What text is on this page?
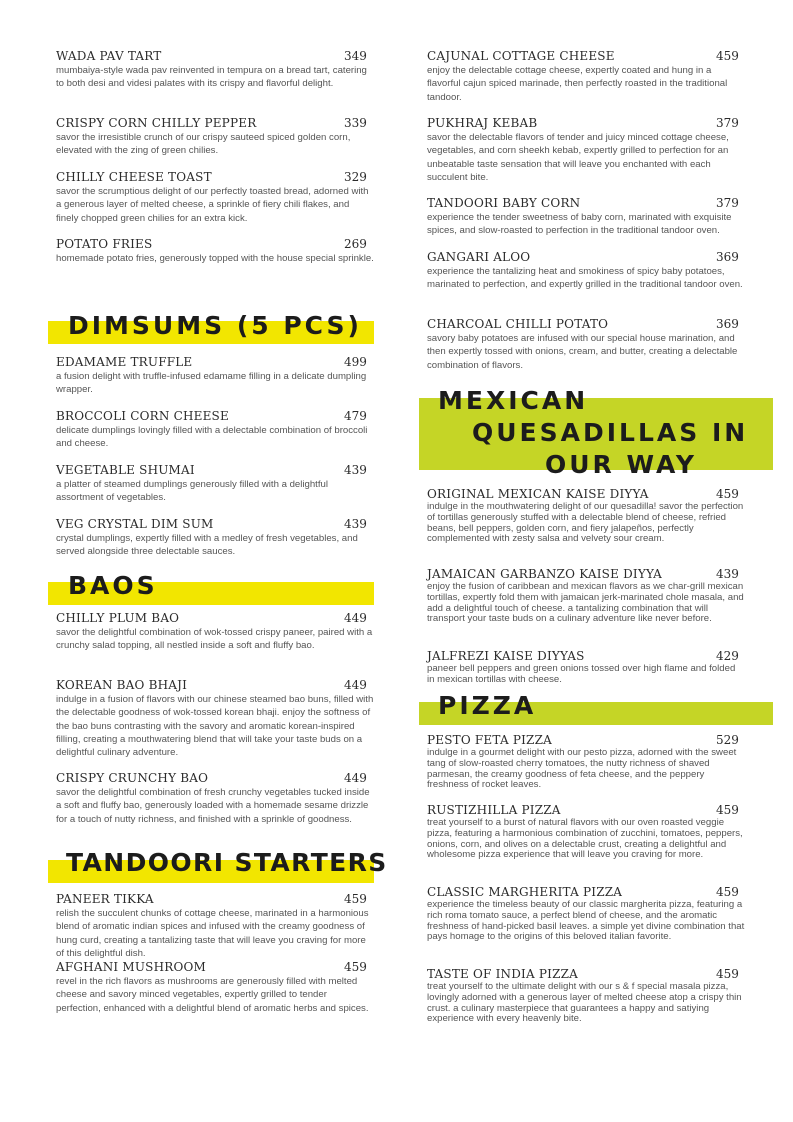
WADA PAV TART	349
mumbaiya-style wada pav reinvented in tempura on a bread tart, catering to both desi and videsi palates with its crispy and flavorful delight.
CRISPY CORN CHILLY PEPPER	339
savor the irresistible crunch of our crispy sauteed spiced golden corn, elevated with the zing of green chilies.
CHILLY CHEESE TOAST	329
savor the scrumptious delight of our perfectly toasted bread, adorned with a generous layer of melted cheese, a sprinkle of fiery chili flakes, and finely chopped green chilies for an extra kick.
POTATO FRIES	269
homemade potato fries, generously topped with the house special sprinkle.
DIMSUMS (5 PCS)
EDAMAME TRUFFLE	499
a fusion delight with truffle-infused edamame filling in a delicate dumpling wrapper.
BROCCOLI CORN CHEESE	479
delicate dumplings lovingly filled with a delectable combination of broccoli and cheese.
VEGETABLE SHUMAI	439
a platter of steamed dumplings generously filled with a delightful assortment of vegetables.
VEG CRYSTAL DIM SUM	439
crystal dumplings, expertly filled with a medley of fresh vegetables, and served alongside three delectable sauces.
BAOS
CHILLY PLUM BAO	449
savor the delightful combination of wok-tossed crispy paneer, paired with a crunchy salad topping, all nestled inside a soft and fluffy bao.
KOREAN BAO BHAJI	449
indulge in a fusion of flavors with our chinese steamed bao buns, filled with the delectable goodness of wok-tossed korean bhaji. enjoy the softness of the bao buns contrasting with the savory and aromatic korean-inspired filling, creating a mouthwatering blend that will take your taste buds on a delightful culinary adventure.
CRISPY CRUNCHY BAO	449
savor the delightful combination of fresh crunchy vegetables tucked inside a soft and fluffy bao, generously loaded with a homemade sesame drizzle for a touch of nutty richness, and finished with a sprinkle of goodness.
TANDOORI STARTERS
PANEER TIKKA	459
relish the succulent chunks of cottage cheese, marinated in a harmonious blend of aromatic indian spices and infused with the creamy goodness of hung curd, creating a tantalizing taste that will leave you craving for more of this delightful dish.
AFGHANI MUSHROOM	459
revel in the rich flavors as mushrooms are generously filled with melted cheese and savory minced vegetables, expertly grilled to tender perfection, enhanced with a delightful blend of aromatic herbs and spices.
CAJUNAL COTTAGE CHEESE	459
enjoy the delectable cottage cheese, expertly coated and hung in a flavorful cajun spiced marinade, then perfectly roasted in the traditional tandoor.
PUKHRAJ KEBAB	379
savor the delectable flavors of tender and juicy minced cottage cheese, vegetables, and corn sheekh kebab, expertly grilled to perfection for an unbeatable taste sensation that will leave you enchanted with each succulent bite.
TANDOORI BABY CORN	379
experience the tender sweetness of baby corn, marinated with exquisite spices, and slow-roasted to perfection in the traditional tandoor oven.
GANGARI ALOO	369
experience the tantalizing heat and smokiness of spicy baby potatoes, marinated to perfection, and expertly grilled in the traditional tandoor oven.
CHARCOAL CHILLI POTATO	369
savory baby potatoes are infused with our special house marination, and then expertly tossed with onions, cream, and butter, creating a delectable combination of flavors.
MEXICAN
QUESADILLAS IN
OUR WAY
ORIGINAL MEXICAN KAISE DIYYA	459
indulge in the mouthwatering delight of our quesadilla! savor the perfection of tortillas generously stuffed with a delectable blend of cheese, refried beans, bell peppers, golden corn, and fiery jalapeños, perfectly complemented with zesty salsa and velvety sour cream.
JAMAICAN GARBANZO KAISE DIYYA	439
enjoy the fusion of caribbean and mexican flavors as we char-grill mexican tortillas, expertly fold them with jamaican jerk-marinated chole masala, and add a delightful touch of cheese. a tantalizing combination that will transport your taste buds on a culinary adventure like never before.
JALFREZI KAISE DIYYAS	429
paneer bell peppers and green onions tossed over high flame and folded in mexican tortillas with cheese.
PIZZA
PESTO FETA PIZZA	529
indulge in a gourmet delight with our pesto pizza, adorned with the sweet tang of slow-roasted cherry tomatoes, the nutty richness of shaved parmesan, the creamy goodness of feta cheese, and the peppery freshness of rocket leaves.
RUSTIZHILLA PIZZA	459
treat yourself to a burst of natural flavors with our oven roasted veggie pizza, featuring a harmonious combination of zucchini, tomatoes, peppers, onions, corn, and olives on a delectable crust, creating a delightful and wholesome pizza experience that will leave you craving for more.
CLASSIC MARGHERITA PIZZA	459
experience the timeless beauty of our classic margherita pizza, featuring a rich roma tomato sauce, a perfect blend of cheese, and the aromatic freshness of hand-picked basil leaves. a simple yet divine combination that pays homage to the origins of this beloved italian favorite.
TASTE OF INDIA PIZZA	459
treat yourself to the ultimate delight with our s & f special masala pizza, lovingly adorned with a generous layer of melted cheese atop a crispy thin crust. a culinary masterpiece that guarantees a happy and satiying experience with every heavenly bite.
